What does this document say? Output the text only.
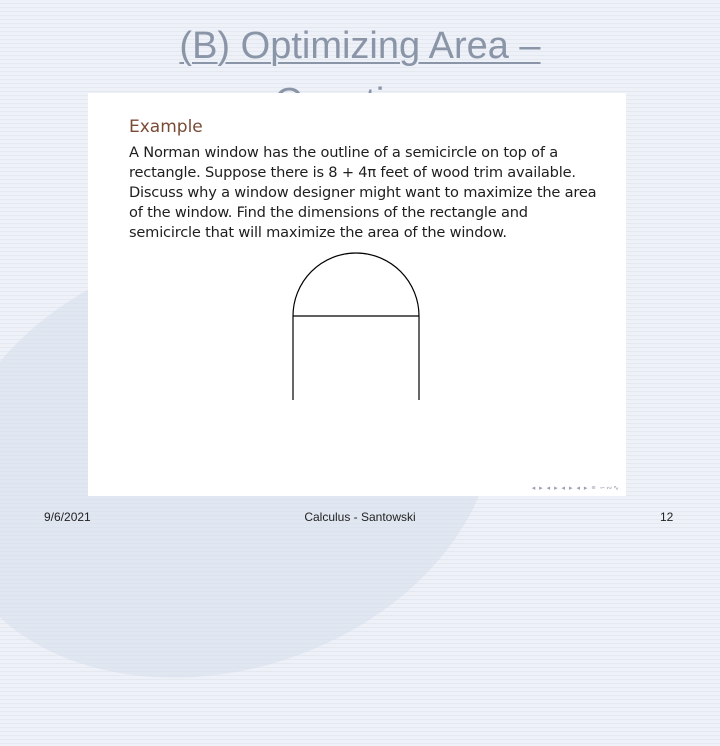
(B) Optimizing Area –
Example
A Norman window has the outline of a semicircle on top of a
rectangle. Suppose there is 8 + 4π feet of wood trim available.
Discuss why a window designer might want to maximize the area
of the window. Find the dimensions of the rectangle and
semicircle that will maximize the area of the window.
◂ ▸ ◂ ▸ ◂ ▸ ◂ ▸ ≡ ∽∾∿
9/6/2021	Calculus - Santowski	12
